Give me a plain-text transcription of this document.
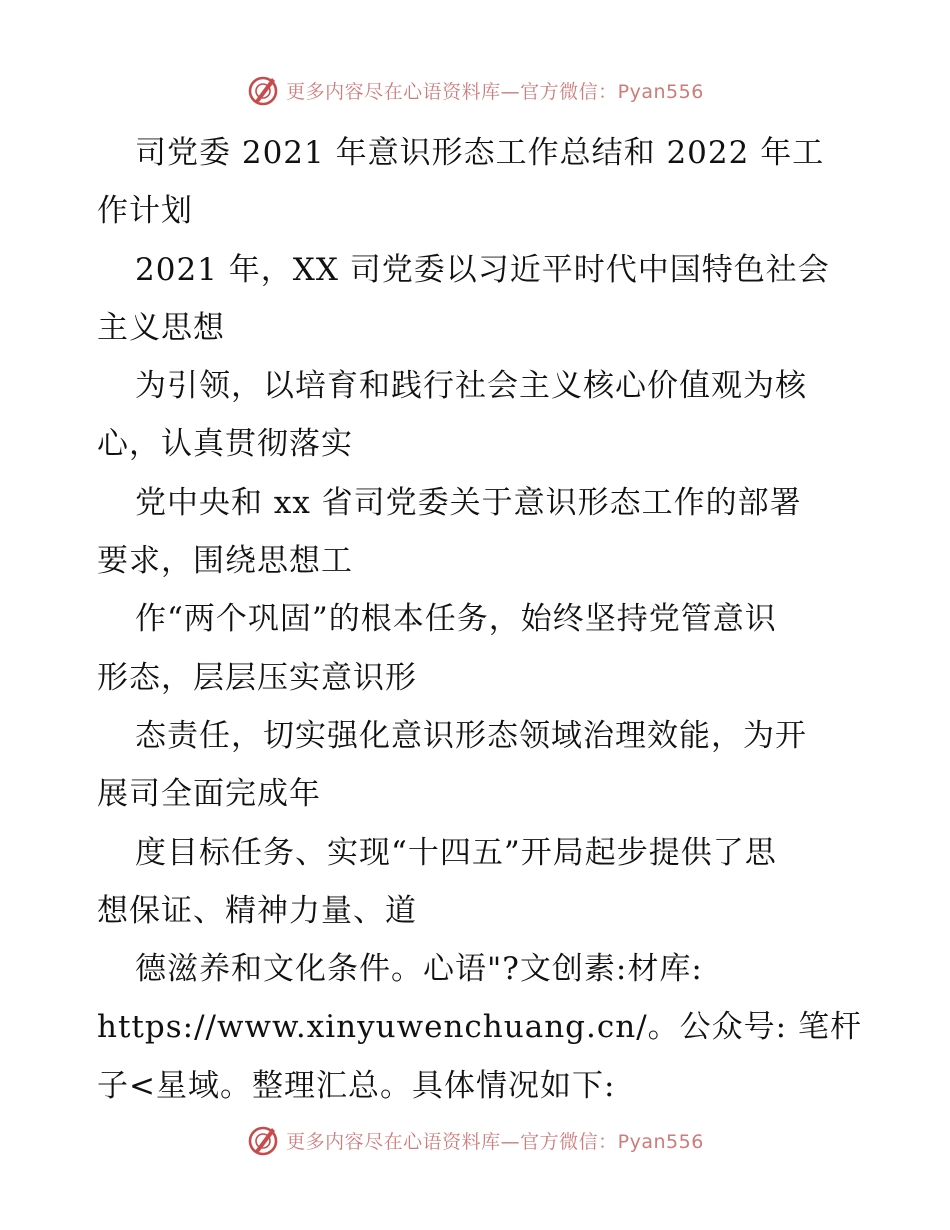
更多内容尽在心语资料库—官方微信：Pyan556
司党委 2021 年意识形态工作总结和 2022 年工
作计划
2021 年，XX 司党委以习近平时代中国特色社会
主义思想
为引领，以培育和践行社会主义核心价值观为核
心，认真贯彻落实
党中央和 xx 省司党委关于意识形态工作的部署
要求，围绕思想工
作“两个巩固”的根本任务，始终坚持党管意识
形态，层层压实意识形
态责任，切实强化意识形态领域治理效能，为开
展司全面完成年
度目标任务、实现“十四五”开局起步提供了思
想保证、精神力量、道
德滋养和文化条件。心语"?文创素:材库:
https://www.xinyuwenchuang.cn/。公众号: 笔杆
子<星域。整理汇总。具体情况如下:
更多内容尽在心语资料库—官方微信：Pyan556
